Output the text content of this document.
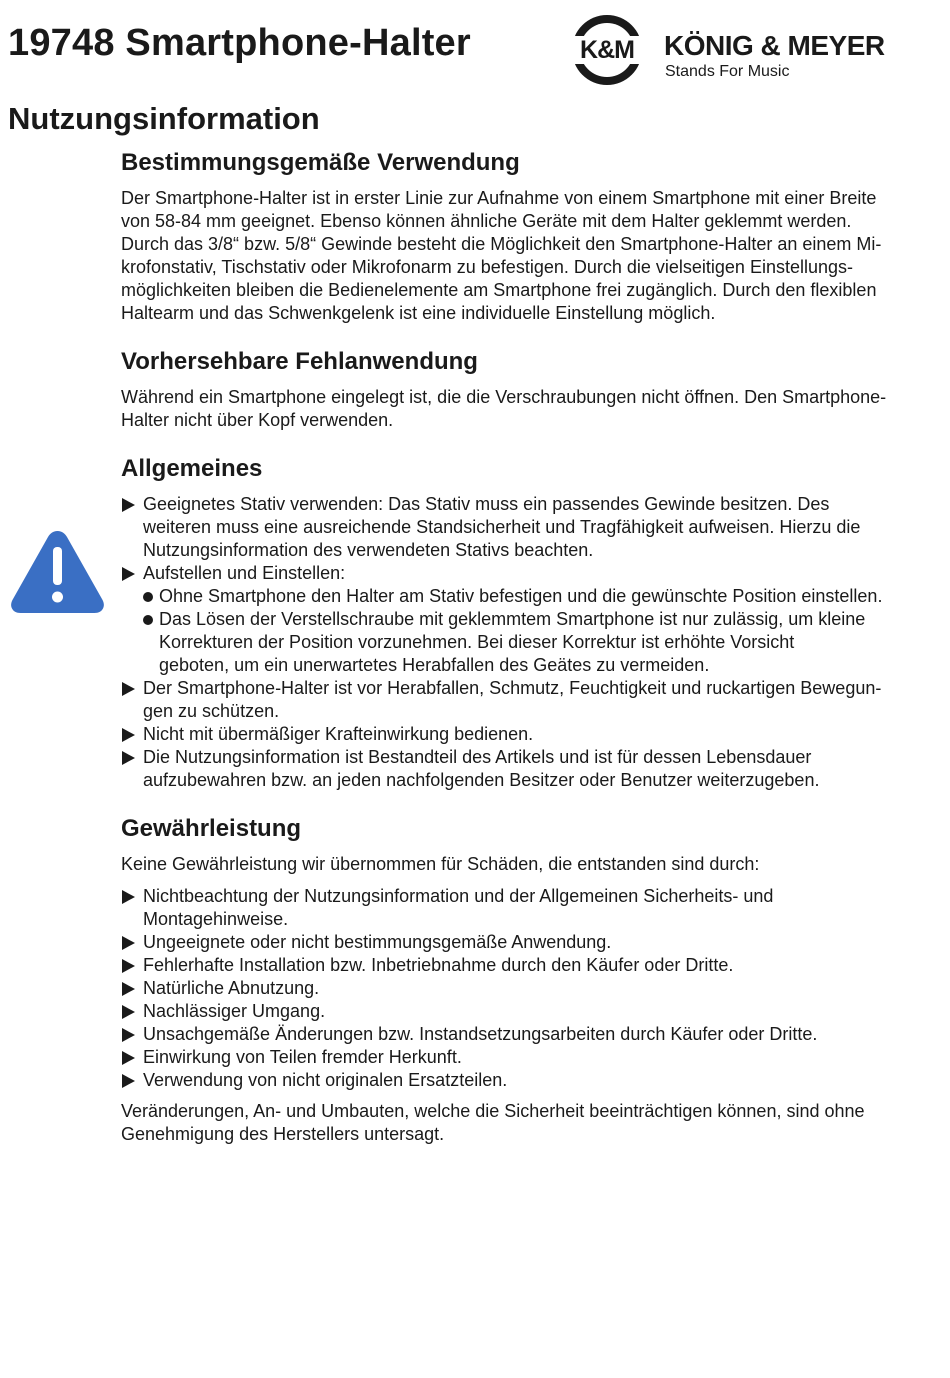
19748 Smartphone-Halter	K&M KÖNIG & MEYER
Stands For Music
Nutzungsinformation
Bestimmungsgemäße Verwendung

Der Smartphone-Halter ist in erster Linie zur Aufnahme von einem Smartphone mit einer Breite
von 58-84 mm geeignet. Ebenso können ähnliche Geräte mit dem Halter geklemmt werden.
Durch das 3/8“ bzw. 5/8“ Gewinde besteht die Möglichkeit den Smartphone-Halter an einem Mi-
krofonstativ, Tischstativ oder Mikrofonarm zu befestigen. Durch die vielseitigen Einstellungs-
möglichkeiten bleiben die Bedienelemente am Smartphone frei zugänglich. Durch den flexiblen
Haltearm und das Schwenkgelenk ist eine individuelle Einstellung möglich.

Vorhersehbare Fehlanwendung

Während ein Smartphone eingelegt ist, die die Verschraubungen nicht öffnen. Den Smartphone-
Halter nicht über Kopf verwenden.

Allgemeines
Geeignetes Stativ verwenden: Das Stativ muss ein passendes Gewinde besitzen. Des
weiteren muss eine ausreichende Standsicherheit und Tragfähigkeit aufweisen. Hierzu die
Nutzungsinformation des verwendeten Stativs beachten.
Aufstellen und Einstellen:
Ohne Smartphone den Halter am Stativ befestigen und die gewünschte Position einstellen.
Das Lösen der Verstellschraube mit geklemmtem Smartphone ist nur zulässig, um kleine
Korrekturen der Position vorzunehmen. Bei dieser Korrektur ist erhöhte Vorsicht
geboten, um ein unerwartetes Herabfallen des Geätes zu vermeiden.
Der Smartphone-Halter ist vor Herabfallen, Schmutz, Feuchtigkeit und ruckartigen Bewegun-
gen zu schützen.
Nicht mit übermäßiger Krafteinwirkung bedienen.
Die Nutzungsinformation ist Bestandteil des Artikels und ist für dessen Lebensdauer
aufzubewahren bzw. an jeden nachfolgenden Besitzer oder Benutzer weiterzugeben.
Gewährleistung

Keine Gewährleistung wir übernommen für Schäden, die entstanden sind durch:

Nichtbeachtung der Nutzungsinformation und der Allgemeinen Sicherheits- und
Montagehinweise.
Ungeeignete oder nicht bestimmungsgemäße Anwendung.
Fehlerhafte Installation bzw. Inbetriebnahme durch den Käufer oder Dritte.
Natürliche Abnutzung.
Nachlässiger Umgang.
Unsachgemäße Änderungen bzw. Instandsetzungsarbeiten durch Käufer oder Dritte.
Einwirkung von Teilen fremder Herkunft.
Verwendung von nicht originalen Ersatzteilen.

Veränderungen, An- und Umbauten, welche die Sicherheit beeinträchtigen können, sind ohne
Genehmigung des Herstellers untersagt.
